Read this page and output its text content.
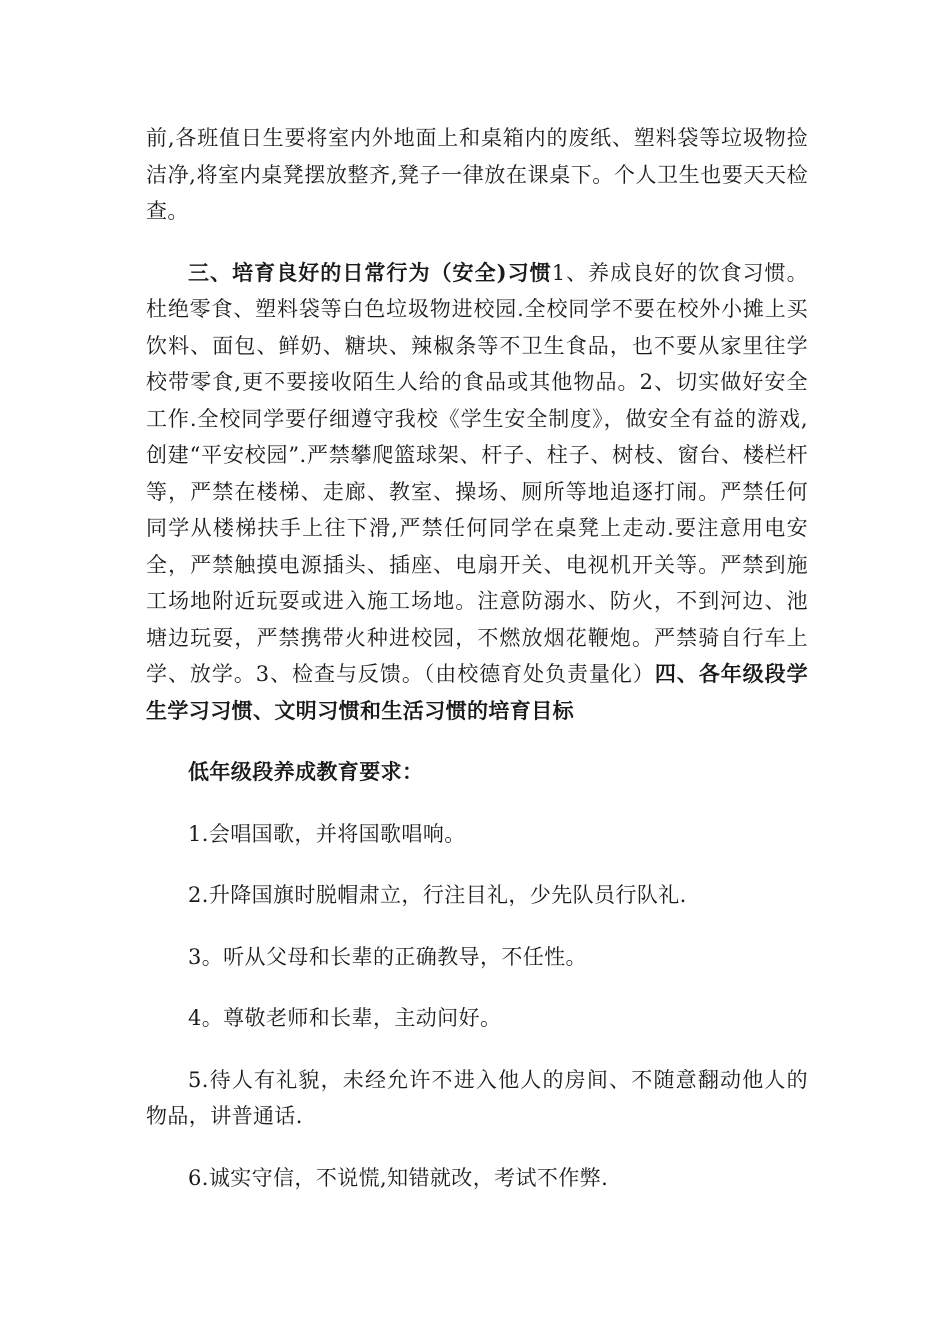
前,各班值日生要将室内外地面上和桌箱内的废纸、塑料袋等垃圾物捡洁净,将室内桌凳摆放整齐,凳子一律放在课桌下。个人卫生也要天天检查。

三、培育良好的日常行为（安全)习惯1、养成良好的饮食习惯。杜绝零食、塑料袋等白色垃圾物进校园.全校同学不要在校外小摊上买饮料、面包、鲜奶、糖块、辣椒条等不卫生食品，也不要从家里往学校带零食,更不要接收陌生人给的食品或其他物品。2、切实做好安全工作.全校同学要仔细遵守我校《学生安全制度》，做安全有益的游戏,创建“平安校园”.严禁攀爬篮球架、杆子、柱子、树枝、窗台、楼栏杆等，严禁在楼梯、走廊、教室、操场、厕所等地追逐打闹。严禁任何同学从楼梯扶手上往下滑,严禁任何同学在桌凳上走动.要注意用电安全，严禁触摸电源插头、插座、电扇开关、电视机开关等。严禁到施工场地附近玩耍或进入施工场地。注意防溺水、防火，不到河边、池塘边玩耍，严禁携带火种进校园，不燃放烟花鞭炮。严禁骑自行车上学、放学。3、检查与反馈。（由校德育处负责量化）四、各年级段学生学习习惯、文明习惯和生活习惯的培育目标

低年级段养成教育要求：

1.会唱国歌，并将国歌唱响。

2.升降国旗时脱帽肃立，行注目礼，少先队员行队礼.

3。听从父母和长辈的正确教导，不任性。

4。尊敬老师和长辈，主动问好。

5.待人有礼貌，未经允许不进入他人的房间、不随意翻动他人的物品，讲普通话.

6.诚实守信，不说慌,知错就改，考试不作弊.
